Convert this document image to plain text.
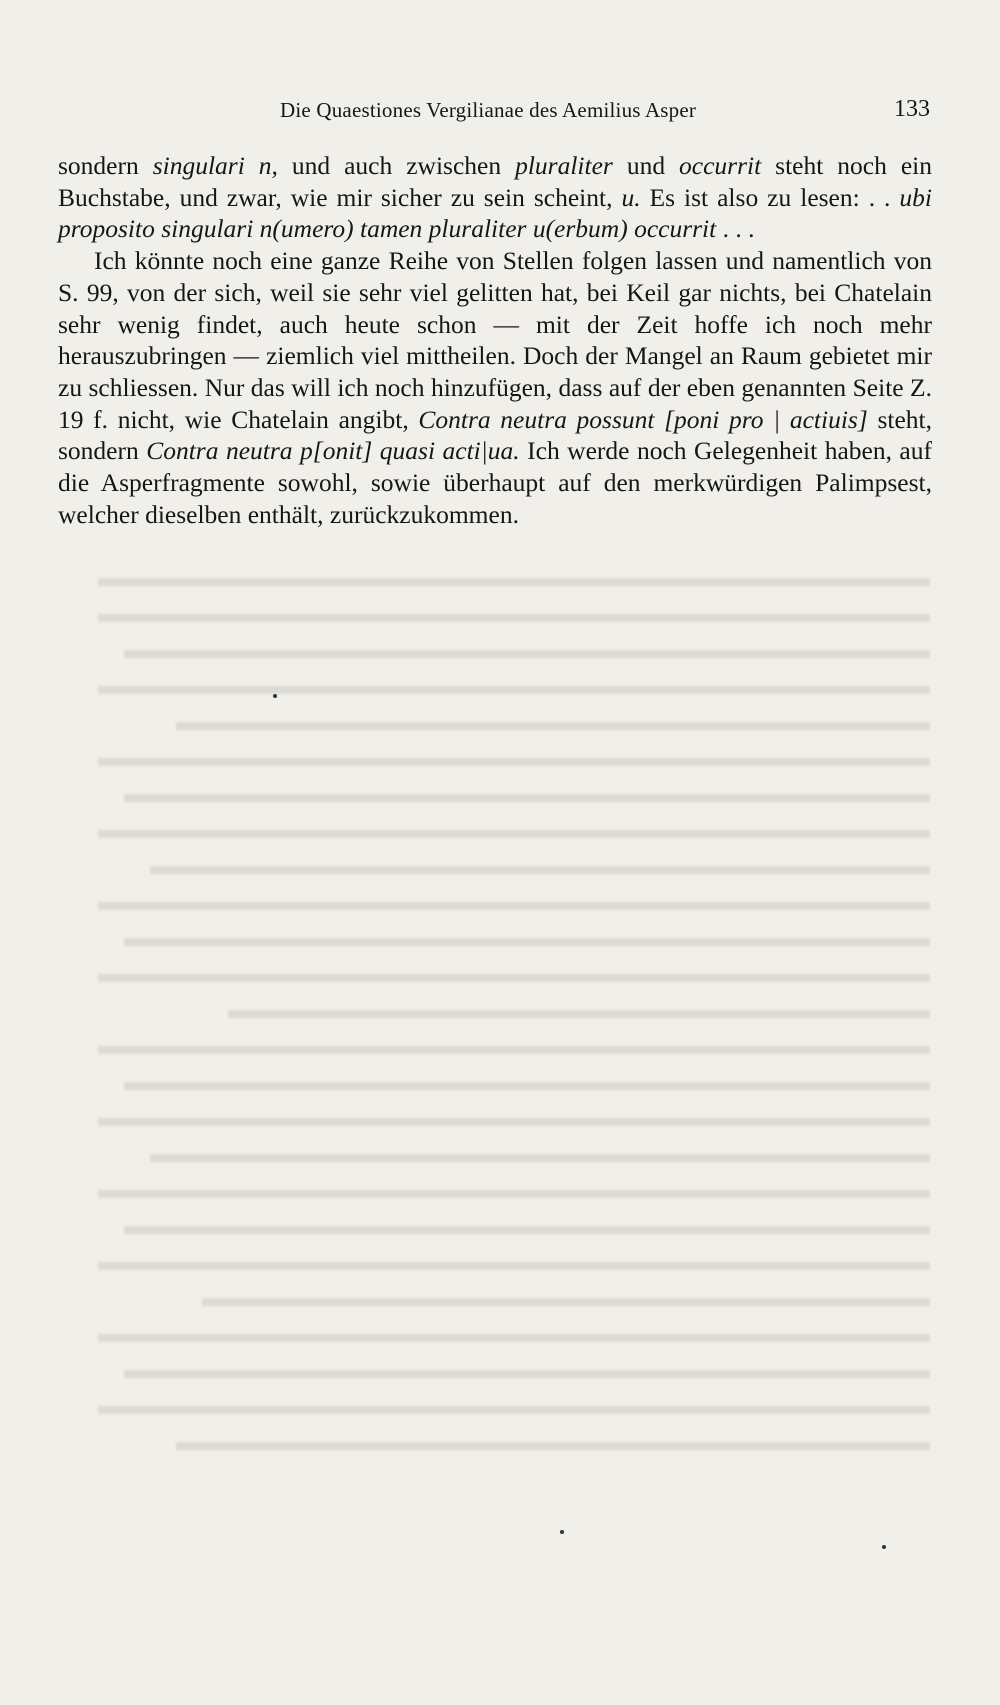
▬▬▬▬▬▬▬▬▬▬▬▬▬▬▬▬▬▬▬▬▬▬▬▬▬▬▬▬▬▬▬▬
▬▬▬▬▬▬▬▬▬▬▬▬▬▬▬▬▬▬▬▬▬▬▬▬▬▬▬▬▬▬▬▬
▬▬▬▬▬▬▬▬▬▬▬▬▬▬▬▬▬▬▬▬▬▬▬▬▬▬▬▬▬▬▬
▬▬▬▬▬▬▬▬▬▬▬▬▬▬▬▬▬▬▬▬▬▬▬▬▬▬▬▬▬▬▬▬
▬▬▬▬▬▬▬▬▬▬▬▬▬▬▬▬▬▬▬▬▬▬▬▬▬▬▬▬▬
▬▬▬▬▬▬▬▬▬▬▬▬▬▬▬▬▬▬▬▬▬▬▬▬▬▬▬▬▬▬▬▬
▬▬▬▬▬▬▬▬▬▬▬▬▬▬▬▬▬▬▬▬▬▬▬▬▬▬▬▬▬▬▬
▬▬▬▬▬▬▬▬▬▬▬▬▬▬▬▬▬▬▬▬▬▬▬▬▬▬▬▬▬▬▬▬
▬▬▬▬▬▬▬▬▬▬▬▬▬▬▬▬▬▬▬▬▬▬▬▬▬▬▬▬▬▬
▬▬▬▬▬▬▬▬▬▬▬▬▬▬▬▬▬▬▬▬▬▬▬▬▬▬▬▬▬▬▬▬
▬▬▬▬▬▬▬▬▬▬▬▬▬▬▬▬▬▬▬▬▬▬▬▬▬▬▬▬▬▬▬
▬▬▬▬▬▬▬▬▬▬▬▬▬▬▬▬▬▬▬▬▬▬▬▬▬▬▬▬▬▬▬▬
▬▬▬▬▬▬▬▬▬▬▬▬▬▬▬▬▬▬▬▬▬▬▬▬▬▬▬
▬▬▬▬▬▬▬▬▬▬▬▬▬▬▬▬▬▬▬▬▬▬▬▬▬▬▬▬▬▬▬▬
▬▬▬▬▬▬▬▬▬▬▬▬▬▬▬▬▬▬▬▬▬▬▬▬▬▬▬▬▬▬▬
▬▬▬▬▬▬▬▬▬▬▬▬▬▬▬▬▬▬▬▬▬▬▬▬▬▬▬▬▬▬▬▬
▬▬▬▬▬▬▬▬▬▬▬▬▬▬▬▬▬▬▬▬▬▬▬▬▬▬▬▬▬▬
▬▬▬▬▬▬▬▬▬▬▬▬▬▬▬▬▬▬▬▬▬▬▬▬▬▬▬▬▬▬▬▬
▬▬▬▬▬▬▬▬▬▬▬▬▬▬▬▬▬▬▬▬▬▬▬▬▬▬▬▬▬▬▬
▬▬▬▬▬▬▬▬▬▬▬▬▬▬▬▬▬▬▬▬▬▬▬▬▬▬▬▬▬▬▬▬
▬▬▬▬▬▬▬▬▬▬▬▬▬▬▬▬▬▬▬▬▬▬▬▬▬▬▬▬
▬▬▬▬▬▬▬▬▬▬▬▬▬▬▬▬▬▬▬▬▬▬▬▬▬▬▬▬▬▬▬▬
▬▬▬▬▬▬▬▬▬▬▬▬▬▬▬▬▬▬▬▬▬▬▬▬▬▬▬▬▬▬▬
▬▬▬▬▬▬▬▬▬▬▬▬▬▬▬▬▬▬▬▬▬▬▬▬▬▬▬▬▬▬▬▬
▬▬▬▬▬▬▬▬▬▬▬▬▬▬▬▬▬▬▬▬▬▬▬▬▬▬▬▬▬
Die Quaestiones Vergilianae des Aemilius Asper	133

sondern singulari n, und auch zwischen pluraliter und occurrit steht noch ein Buchstabe, und zwar, wie mir sicher zu sein scheint, u. Es ist also zu lesen: . . ubi proposito singulari n(umero) tamen pluraliter u(erbum) occurrit . . .

Ich könnte noch eine ganze Reihe von Stellen folgen lassen und namentlich von S. 99, von der sich, weil sie sehr viel gelitten hat, bei Keil gar nichts, bei Chatelain sehr wenig findet, auch heute schon — mit der Zeit hoffe ich noch mehr herauszubringen — ziemlich viel mittheilen. Doch der Mangel an Raum gebietet mir zu schliessen. Nur das will ich noch hinzufügen, dass auf der eben genannten Seite Z. 19 f. nicht, wie Chatelain angibt, Contra neutra possunt [poni pro | actiuis] steht, sondern Contra neutra p[onit] quasi acti|ua. Ich werde noch Gelegenheit haben, auf die Asperfragmente sowohl, sowie überhaupt auf den merkwürdigen Palimpsest, welcher dieselben enthält, zurückzukommen.
